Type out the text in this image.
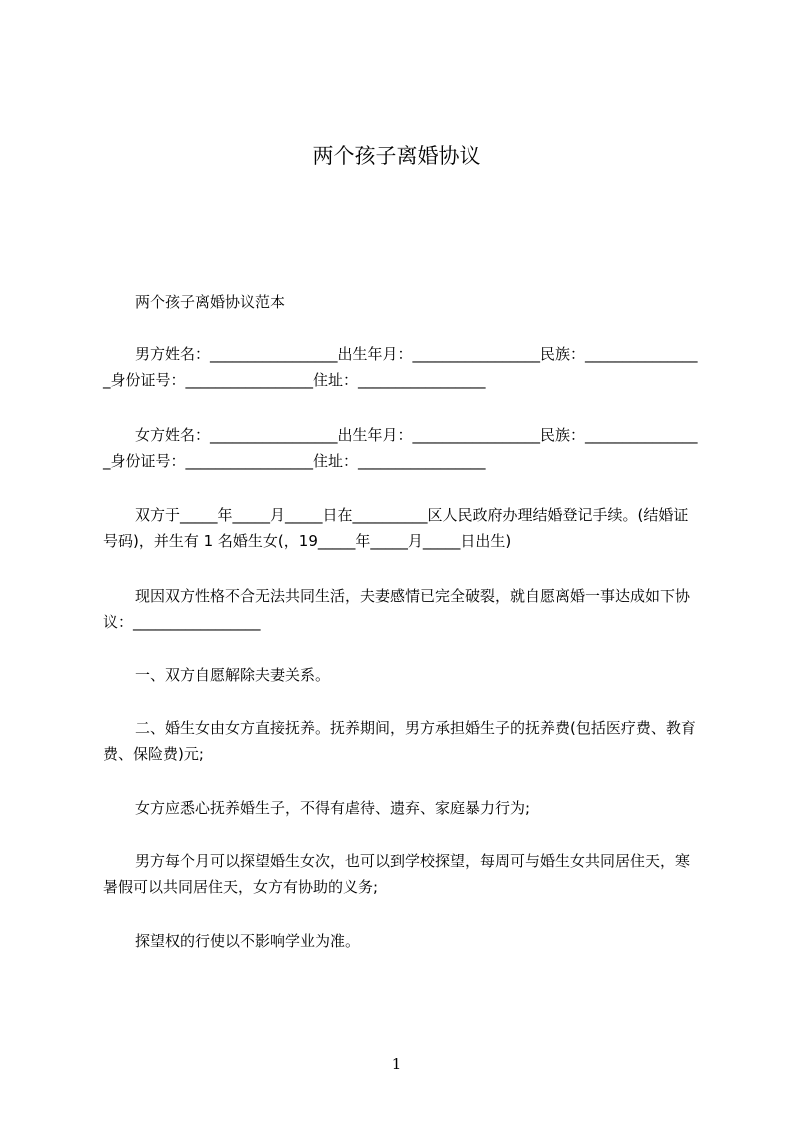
两个孩子离婚协议
两个孩子离婚协议范本
男方姓名：_________________出生年月：_________________民族：________________身份证号：_________________住址：_________________
女方姓名：_________________出生年月：_________________民族：________________身份证号：_________________住址：_________________
双方于_____年_____月_____日在__________区人民政府办理结婚登记手续。(结婚证号码)，并生有 1 名婚生女(，19_____年_____月_____日出生)
现因双方性格不合无法共同生活，夫妻感情已完全破裂，就自愿离婚一事达成如下协议：_________________
一、双方自愿解除夫妻关系。
二、婚生女由女方直接抚养。抚养期间，男方承担婚生子的抚养费(包括医疗费、教育费、保险费)元;
女方应悉心抚养婚生子，不得有虐待、遗弃、家庭暴力行为;
男方每个月可以探望婚生女次，也可以到学校探望，每周可与婚生女共同居住天，寒暑假可以共同居住天，女方有协助的义务;
探望权的行使以不影响学业为准。
1
